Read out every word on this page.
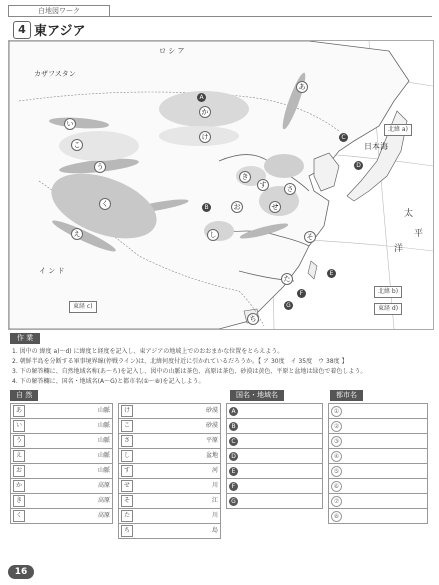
白地図ワーク
4 東アジア
ロ シ ア
カザフスタン
イ ン ド
日本海
太
平
洋
北緯 a)
北緯 b)
東経 c)	東経 d)
あ
い
う
え
お
か
き
く
け
こ
さ
し
す
せ
そ
た
ち
A
B
C
D
E
F
G
作 業
1. 図中の 緯度 a)〜d) に緯度と経度を記入し、東アジアの地域上でのおおまかな位置をとらえよう。
2. 朝鮮半島を分断する軍事境界線(停戦ライン)は、北緯何度付近に引かれているだろうか。【 ア 30度　イ 35度　ウ 38度 】
3. 下の解答欄に、自然地域名称(あ〜ち)を記入し、図中の山脈は茶色、高原は茶色、砂漠は黄色、平原と盆地は緑色で着色しよう。
4. 下の解答欄に、国名・地域名(A〜G)と都市名(①〜⑧)を記入しよう。
自 然	国名・地域名	都市名
あ	山脈

い	山脈

う	山脈

え	山脈

お	山脈

か	高原

き	高原

く	高原
け	砂漠

こ	砂漠

さ	平原

し	盆地

す	河

せ	川

そ	江

た	川

ち	島
A
B
C
D
E
F
G
①
②
③
④
⑤
⑥
⑦
⑧
16
